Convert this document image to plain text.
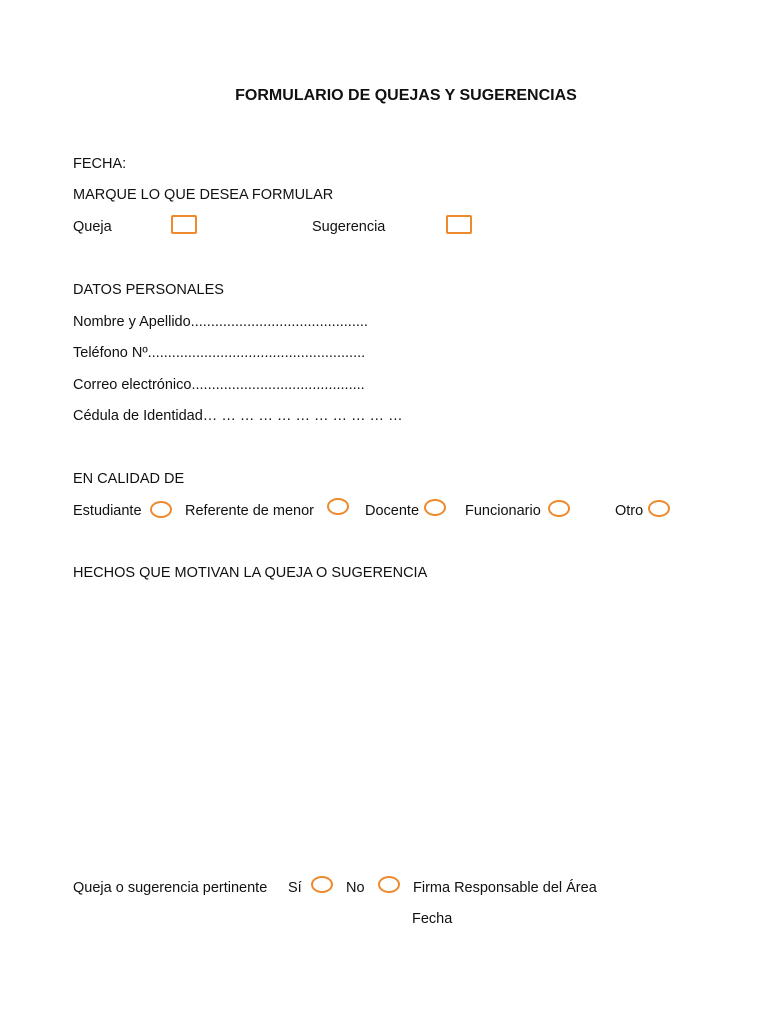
FORMULARIO DE QUEJAS Y SUGERENCIAS
FECHA:
MARQUE LO QUE DESEA FORMULAR
Queja	Sugerencia
DATOS PERSONALES
Nombre y Apellido............................................
Teléfono Nº......................................................
Correo electrónico...........................................
Cédula de Identidad… … … … … … … … … … …
EN CALIDAD DE
Estudiante	Referente de menor	Docente	Funcionario	Otro
HECHOS QUE MOTIVAN LA QUEJA O SUGERENCIA
Queja o sugerencia pertinente Sí	No	Firma Responsable del Área
Fecha
